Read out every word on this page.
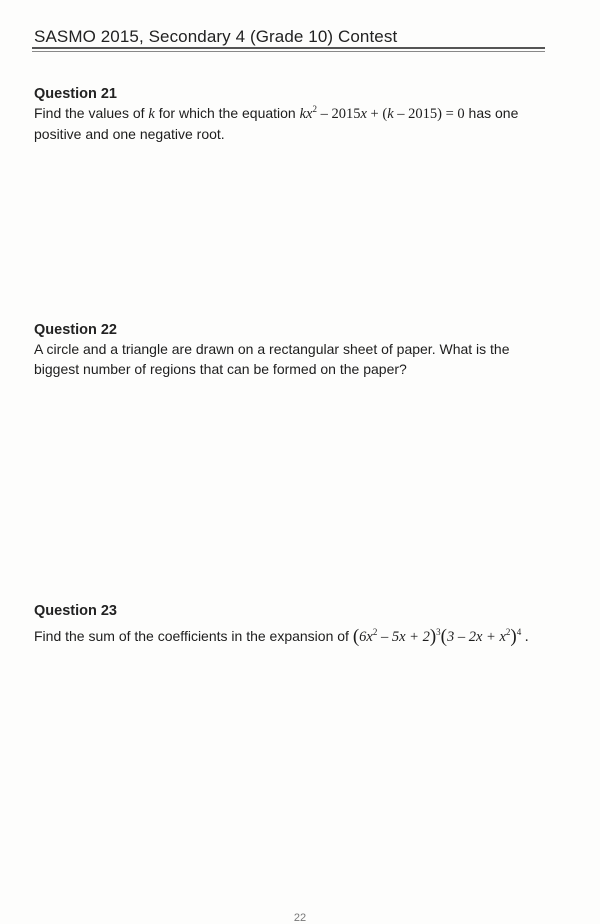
SASMO 2015, Secondary 4 (Grade 10) Contest

Question 21

Find the values of k for which the equation $kx^2 - 2015x + (k - 2015) = 0$ has one positive and one negative root.

Question 22

A circle and a triangle are drawn on a rectangular sheet of paper. What is the biggest number of regions that can be formed on the paper?

Question 23

Find the sum of the coefficients in the expansion of $(6x^2 - 5x + 2)^3(3 - 2x + x^2)^4$ .

22
